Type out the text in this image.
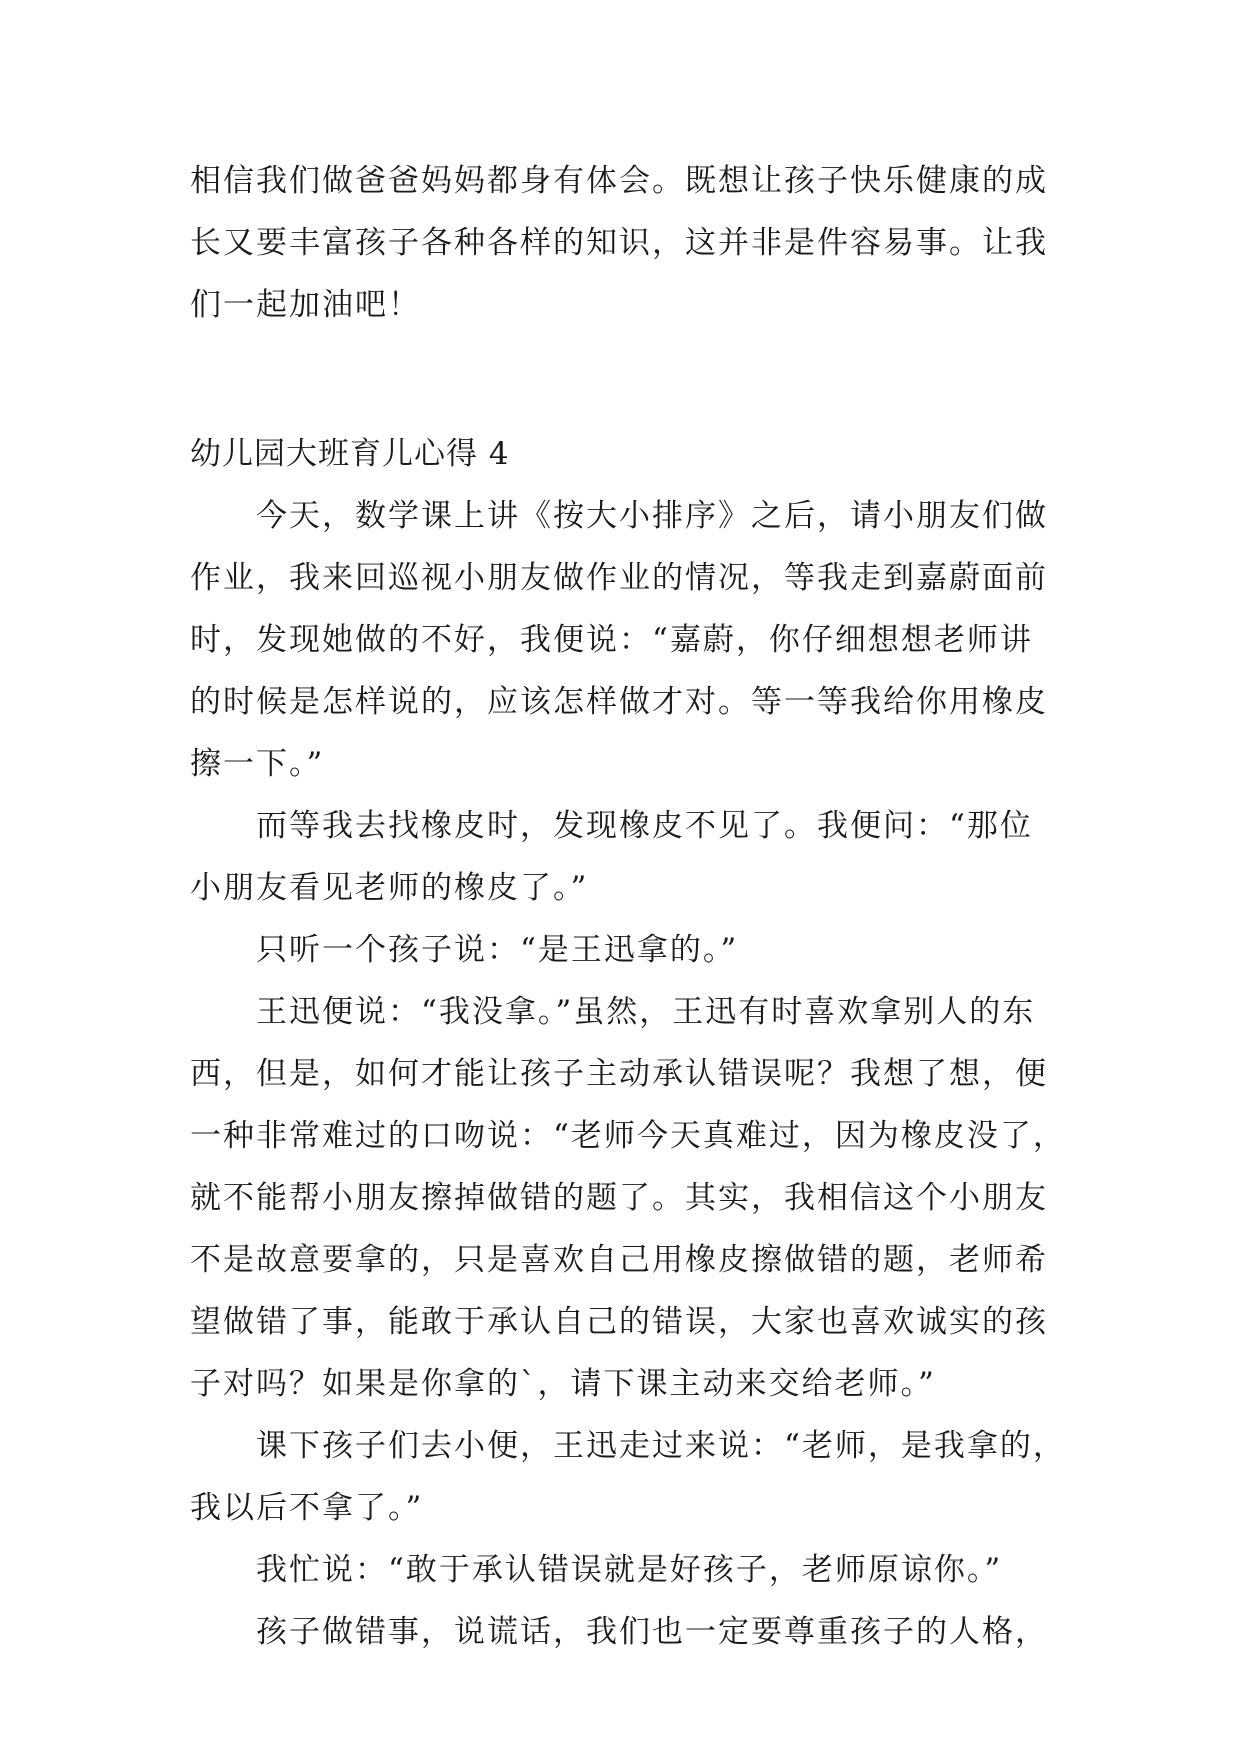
相信我们做爸爸妈妈都身有体会。既想让孩子快乐健康的成
长又要丰富孩子各种各样的知识，这并非是件容易事。让我
们一起加油吧！
幼儿园大班育儿心得 4
今天，数学课上讲《按大小排序》之后，请小朋友们做
作业，我来回巡视小朋友做作业的情况，等我走到嘉蔚面前
时，发现她做的不好，我便说：“嘉蔚，你仔细想想老师讲
的时候是怎样说的，应该怎样做才对。等一等我给你用橡皮
擦一下。”
而等我去找橡皮时，发现橡皮不见了。我便问：“那位
小朋友看见老师的橡皮了。”
只听一个孩子说：“是王迅拿的。”
王迅便说：“我没拿。”虽然，王迅有时喜欢拿别人的东
西，但是，如何才能让孩子主动承认错误呢？我想了想，便
一种非常难过的口吻说：“老师今天真难过，因为橡皮没了，
就不能帮小朋友擦掉做错的题了。其实，我相信这个小朋友
不是故意要拿的，只是喜欢自己用橡皮擦做错的题，老师希
望做错了事，能敢于承认自己的错误，大家也喜欢诚实的孩
子对吗？如果是你拿的`，请下课主动来交给老师。”
课下孩子们去小便，王迅走过来说：“老师，是我拿的，
我以后不拿了。”
我忙说：“敢于承认错误就是好孩子，老师原谅你。”
孩子做错事，说谎话，我们也一定要尊重孩子的人格，
